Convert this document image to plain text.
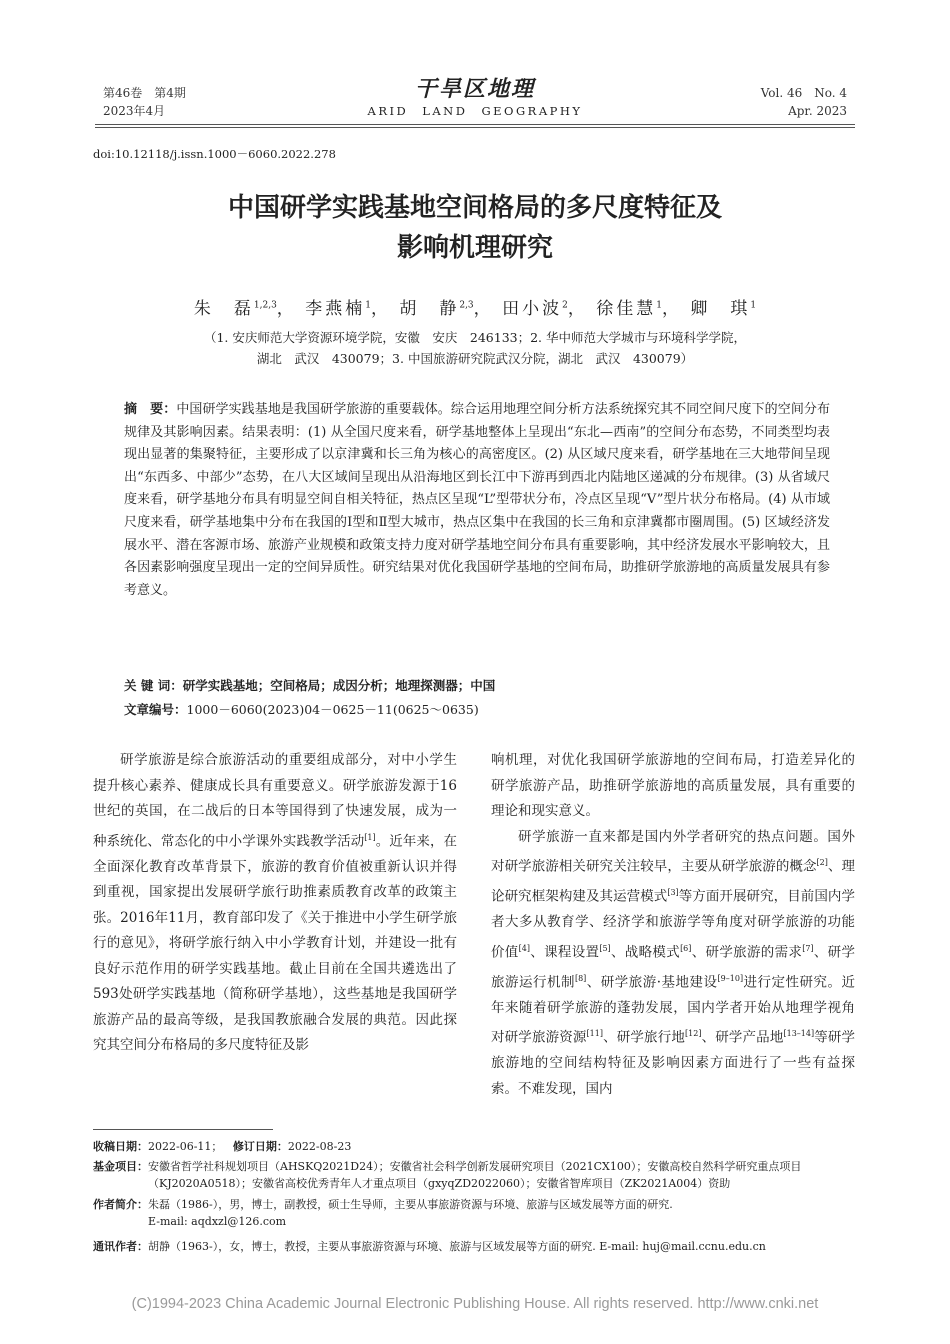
第46卷　第4期
2023年4月
干旱区地理
ARID　LAND　GEOGRAPHY
Vol. 46　No. 4
Apr. 2023
doi:10.12118/j.issn.1000－6060.2022.278
中国研学实践基地空间格局的多尺度特征及
影响机理研究
朱　磊$^{1,2,3}$， 李燕楠$^1$， 胡　静$^{2,3}$， 田小波$^2$， 徐佳慧$^1$， 卿　琪$^1$
（1. 安庆师范大学资源环境学院，安徽　安庆　246133；2. 华中师范大学城市与环境科学学院，
湖北　武汉　430079；3. 中国旅游研究院武汉分院，湖北　武汉　430079）
摘　要：中国研学实践基地是我国研学旅游的重要载体。综合运用地理空间分析方法系统探究其不同空间尺度下的空间分布规律及其影响因素。结果表明：(1) 从全国尺度来看，研学基地整体上呈现出“东北—西南”的空间分布态势，不同类型均表现出显著的集聚特征，主要形成了以京津冀和长三角为核心的高密度区。(2) 从区域尺度来看，研学基地在三大地带间呈现出“东西多、中部少”态势，在八大区域间呈现出从沿海地区到长江中下游再到西北内陆地区递减的分布规律。(3) 从省域尺度来看，研学基地分布具有明显空间自相关特征，热点区呈现“L”型带状分布，冷点区呈现“V”型片状分布格局。(4) 从市域尺度来看，研学基地集中分布在我国的Ⅰ型和Ⅱ型大城市，热点区集中在我国的长三角和京津冀都市圈周围。(5) 区域经济发展水平、潜在客源市场、旅游产业规模和政策支持力度对研学基地空间分布具有重要影响，其中经济发展水平影响较大，且各因素影响强度呈现出一定的空间异质性。研究结果对优化我国研学基地的空间布局，助推研学旅游地的高质量发展具有参考意义。
关 键 词：研学实践基地；空间格局；成因分析；地理探测器；中国
文章编号：1000－6060(2023)04－0625－11(0625～0635)

研学旅游是综合旅游活动的重要组成部分，对中小学生提升核心素养、健康成长具有重要意义。研学旅游发源于16世纪的英国，在二战后的日本等国得到了快速发展，成为一种系统化、常态化的中小学课外实践教学活动[1]。近年来，在全面深化教育改革背景下，旅游的教育价值被重新认识并得到重视，国家提出发展研学旅行助推素质教育改革的政策主张。2016年11月，教育部印发了《关于推进中小学生研学旅行的意见》，将研学旅行纳入中小学教育计划，并建设一批有良好示范作用的研学实践基地。截止目前在全国共遴选出了593处研学实践基地（简称研学基地），这些基地是我国研学旅游产品的最高等级，是我国教旅融合发展的典范。因此探究其空间分布格局的多尺度特征及影

响机理，对优化我国研学旅游地的空间布局，打造差异化的研学旅游产品，助推研学旅游地的高质量发展，具有重要的理论和现实意义。

研学旅游一直来都是国内外学者研究的热点问题。国外对研学旅游相关研究关注较早，主要从研学旅游的概念[2]、理论研究框架构建及其运营模式[3]等方面开展研究，目前国内学者大多从教育学、经济学和旅游学等角度对研学旅游的功能价值[4]、课程设置[5]、战略模式[6]、研学旅游的需求[7]、研学旅游运行机制[8]、研学旅游·基地建设[9–10]进行定性研究。近年来随着研学旅游的蓬勃发展，国内学者开始从地理学视角对研学旅游资源[11]、研学旅行地[12]、研学产品地[13–14]等研学旅游地的空间结构特征及影响因素方面进行了一些有益探索。不难发现，国内

收稿日期：2022-06-11； 修订日期：2022-08-23
基金项目： 安徽省哲学社科规划项目（AHSKQ2021D24）；安徽省社会科学创新发展研究项目（2021CX100）；安徽高校自然科学研究重点项目（KJ2020A0518）；安徽省高校优秀青年人才重点项目（gxyqZD2022060）；安徽省智库项目（ZK2021A004）资助
作者简介： 朱磊（1986-），男，博士，副教授，硕士生导师，主要从事旅游资源与环境、旅游与区域发展等方面的研究.
E-mail: aqdxzl@126.com
通讯作者： 胡静（1963-），女，博士，教授，主要从事旅游资源与环境、旅游与区域发展等方面的研究. E-mail: huj@mail.ccnu.edu.cn
(C)1994-2023 China Academic Journal Electronic Publishing House. All rights reserved. http://www.cnki.net
